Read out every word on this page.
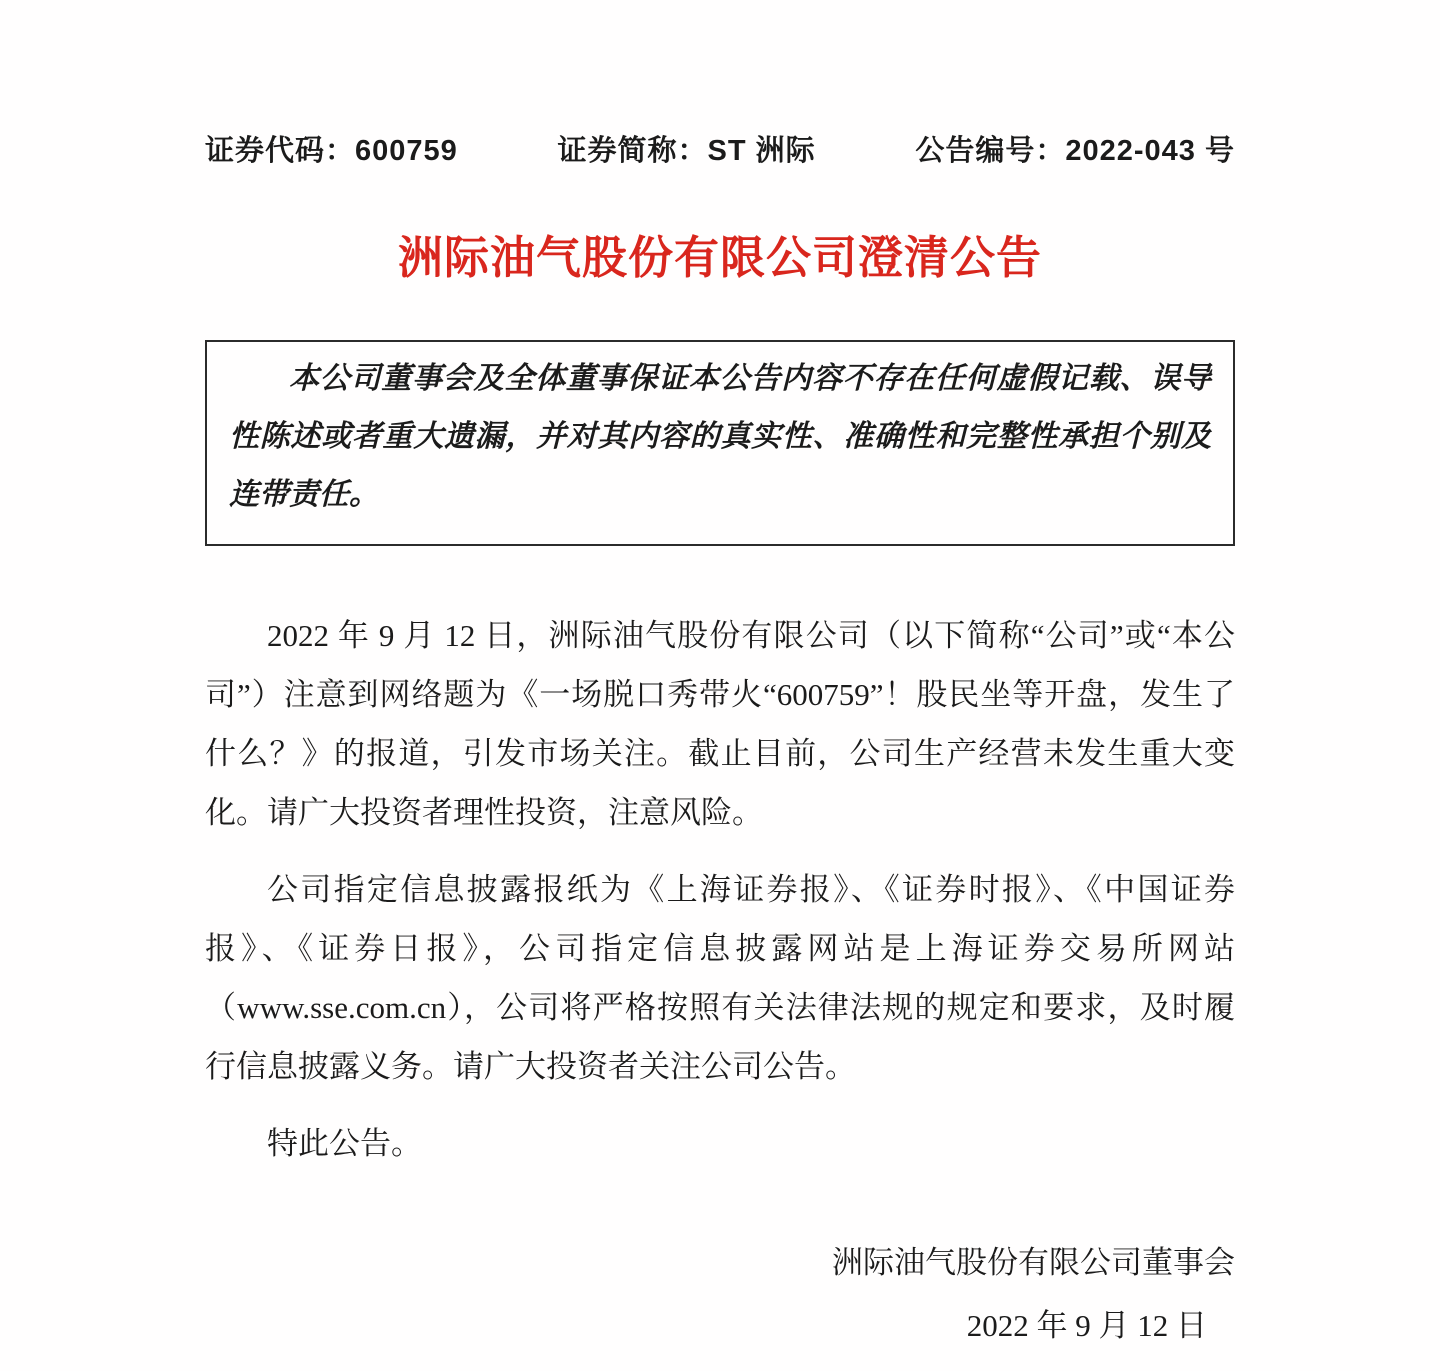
证券代码：600759	证券简称：ST 洲际	公告编号：2022-043 号
洲际油气股份有限公司澄清公告
本公司董事会及全体董事保证本公告内容不存在任何虚假记载、误导性陈述或者重大遗漏，并对其内容的真实性、准确性和完整性承担个别及连带责任。

2022 年 9 月 12 日，洲际油气股份有限公司（以下简称“公司”或“本公司”）注意到网络题为《一场脱口秀带火“600759”！股民坐等开盘，发生了什么？》的报道，引发市场关注。截止目前，公司生产经营未发生重大变化。请广大投资者理性投资，注意风险。

公司指定信息披露报纸为《上海证券报》、《证券时报》、《中国证券报》、《证券日报》，公司指定信息披露网站是上海证券交易所网站（www.sse.com.cn），公司将严格按照有关法律法规的规定和要求，及时履行信息披露义务。请广大投资者关注公司公告。

特此公告。

洲际油气股份有限公司董事会
2022 年 9 月 12 日
